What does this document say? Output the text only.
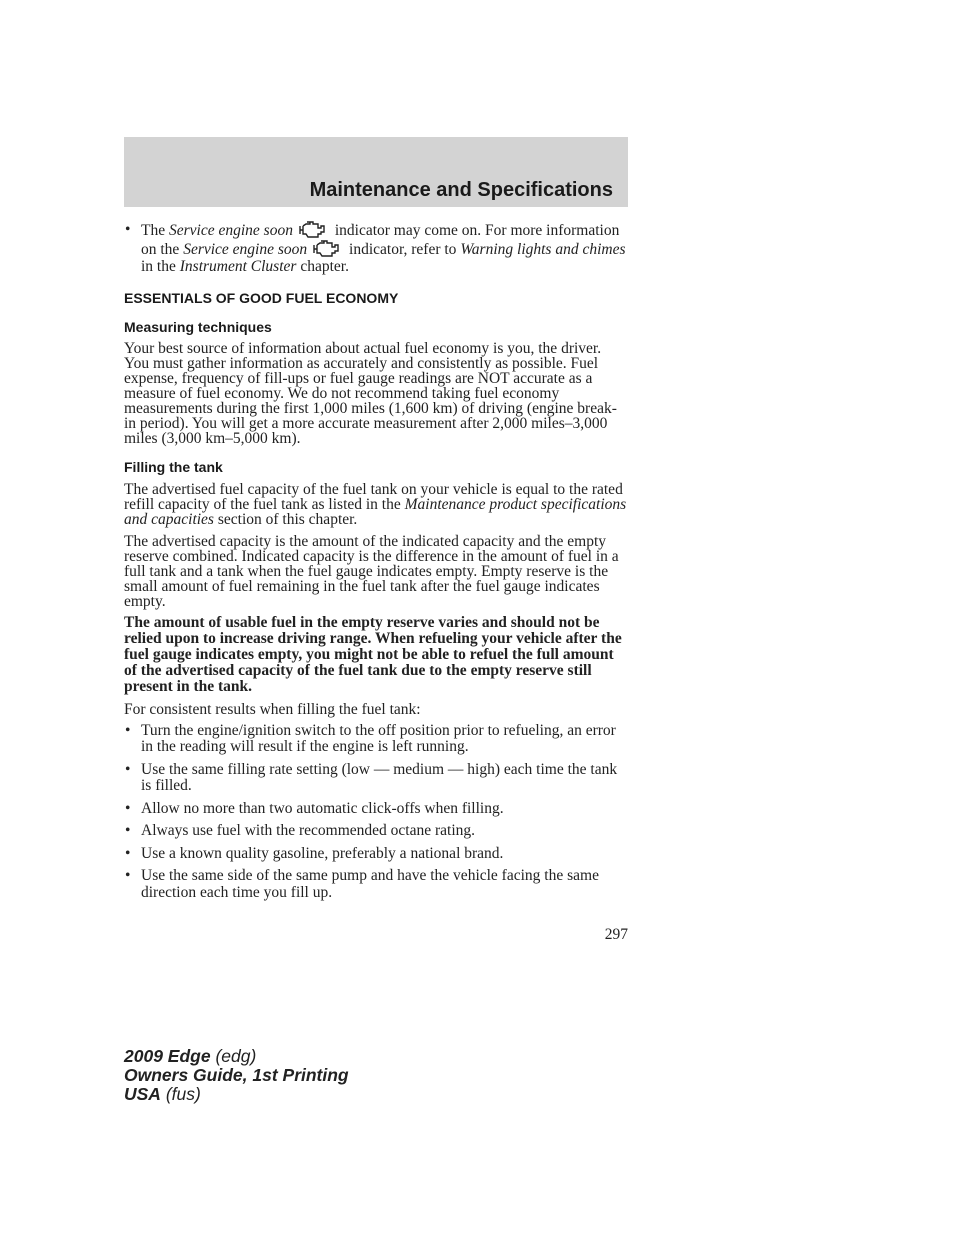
Maintenance and Specifications
• The Service engine soon indicator may come on. For more information on the Service engine soon indicator, refer to Warning lights and chimes in the Instrument Cluster chapter.

ESSENTIALS OF GOOD FUEL ECONOMY
Measuring techniques

Your best source of information about actual fuel economy is you, the driver. You must gather information as accurately and consistently as possible. Fuel expense, frequency of fill-ups or fuel gauge readings are NOT accurate as a measure of fuel economy. We do not recommend taking fuel economy measurements during the first 1,000 miles (1,600 km) of driving (engine break-in period). You will get a more accurate measurement after 2,000 miles–3,000 miles (3,000 km–5,000 km).

Filling the tank

The advertised fuel capacity of the fuel tank on your vehicle is equal to the rated refill capacity of the fuel tank as listed in the Maintenance product specifications and capacities section of this chapter.

The advertised capacity is the amount of the indicated capacity and the empty reserve combined. Indicated capacity is the difference in the amount of fuel in a full tank and a tank when the fuel gauge indicates empty. Empty reserve is the small amount of fuel remaining in the fuel tank after the fuel gauge indicates empty.

The amount of usable fuel in the empty reserve varies and should not be relied upon to increase driving range. When refueling your vehicle after the fuel gauge indicates empty, you might not be able to refuel the full amount of the advertised capacity of the fuel tank due to the empty reserve still present in the tank.

For consistent results when filling the fuel tank:

• Turn the engine/ignition switch to the off position prior to refueling, an error in the reading will result if the engine is left running.

• Use the same filling rate setting (low — medium — high) each time the tank is filled.

• Allow no more than two automatic click-offs when filling.

• Always use fuel with the recommended octane rating.

• Use a known quality gasoline, preferably a national brand.

• Use the same side of the same pump and have the vehicle facing the same direction each time you fill up.

297
2009 Edge (edg)
Owners Guide, 1st Printing
USA (fus)
